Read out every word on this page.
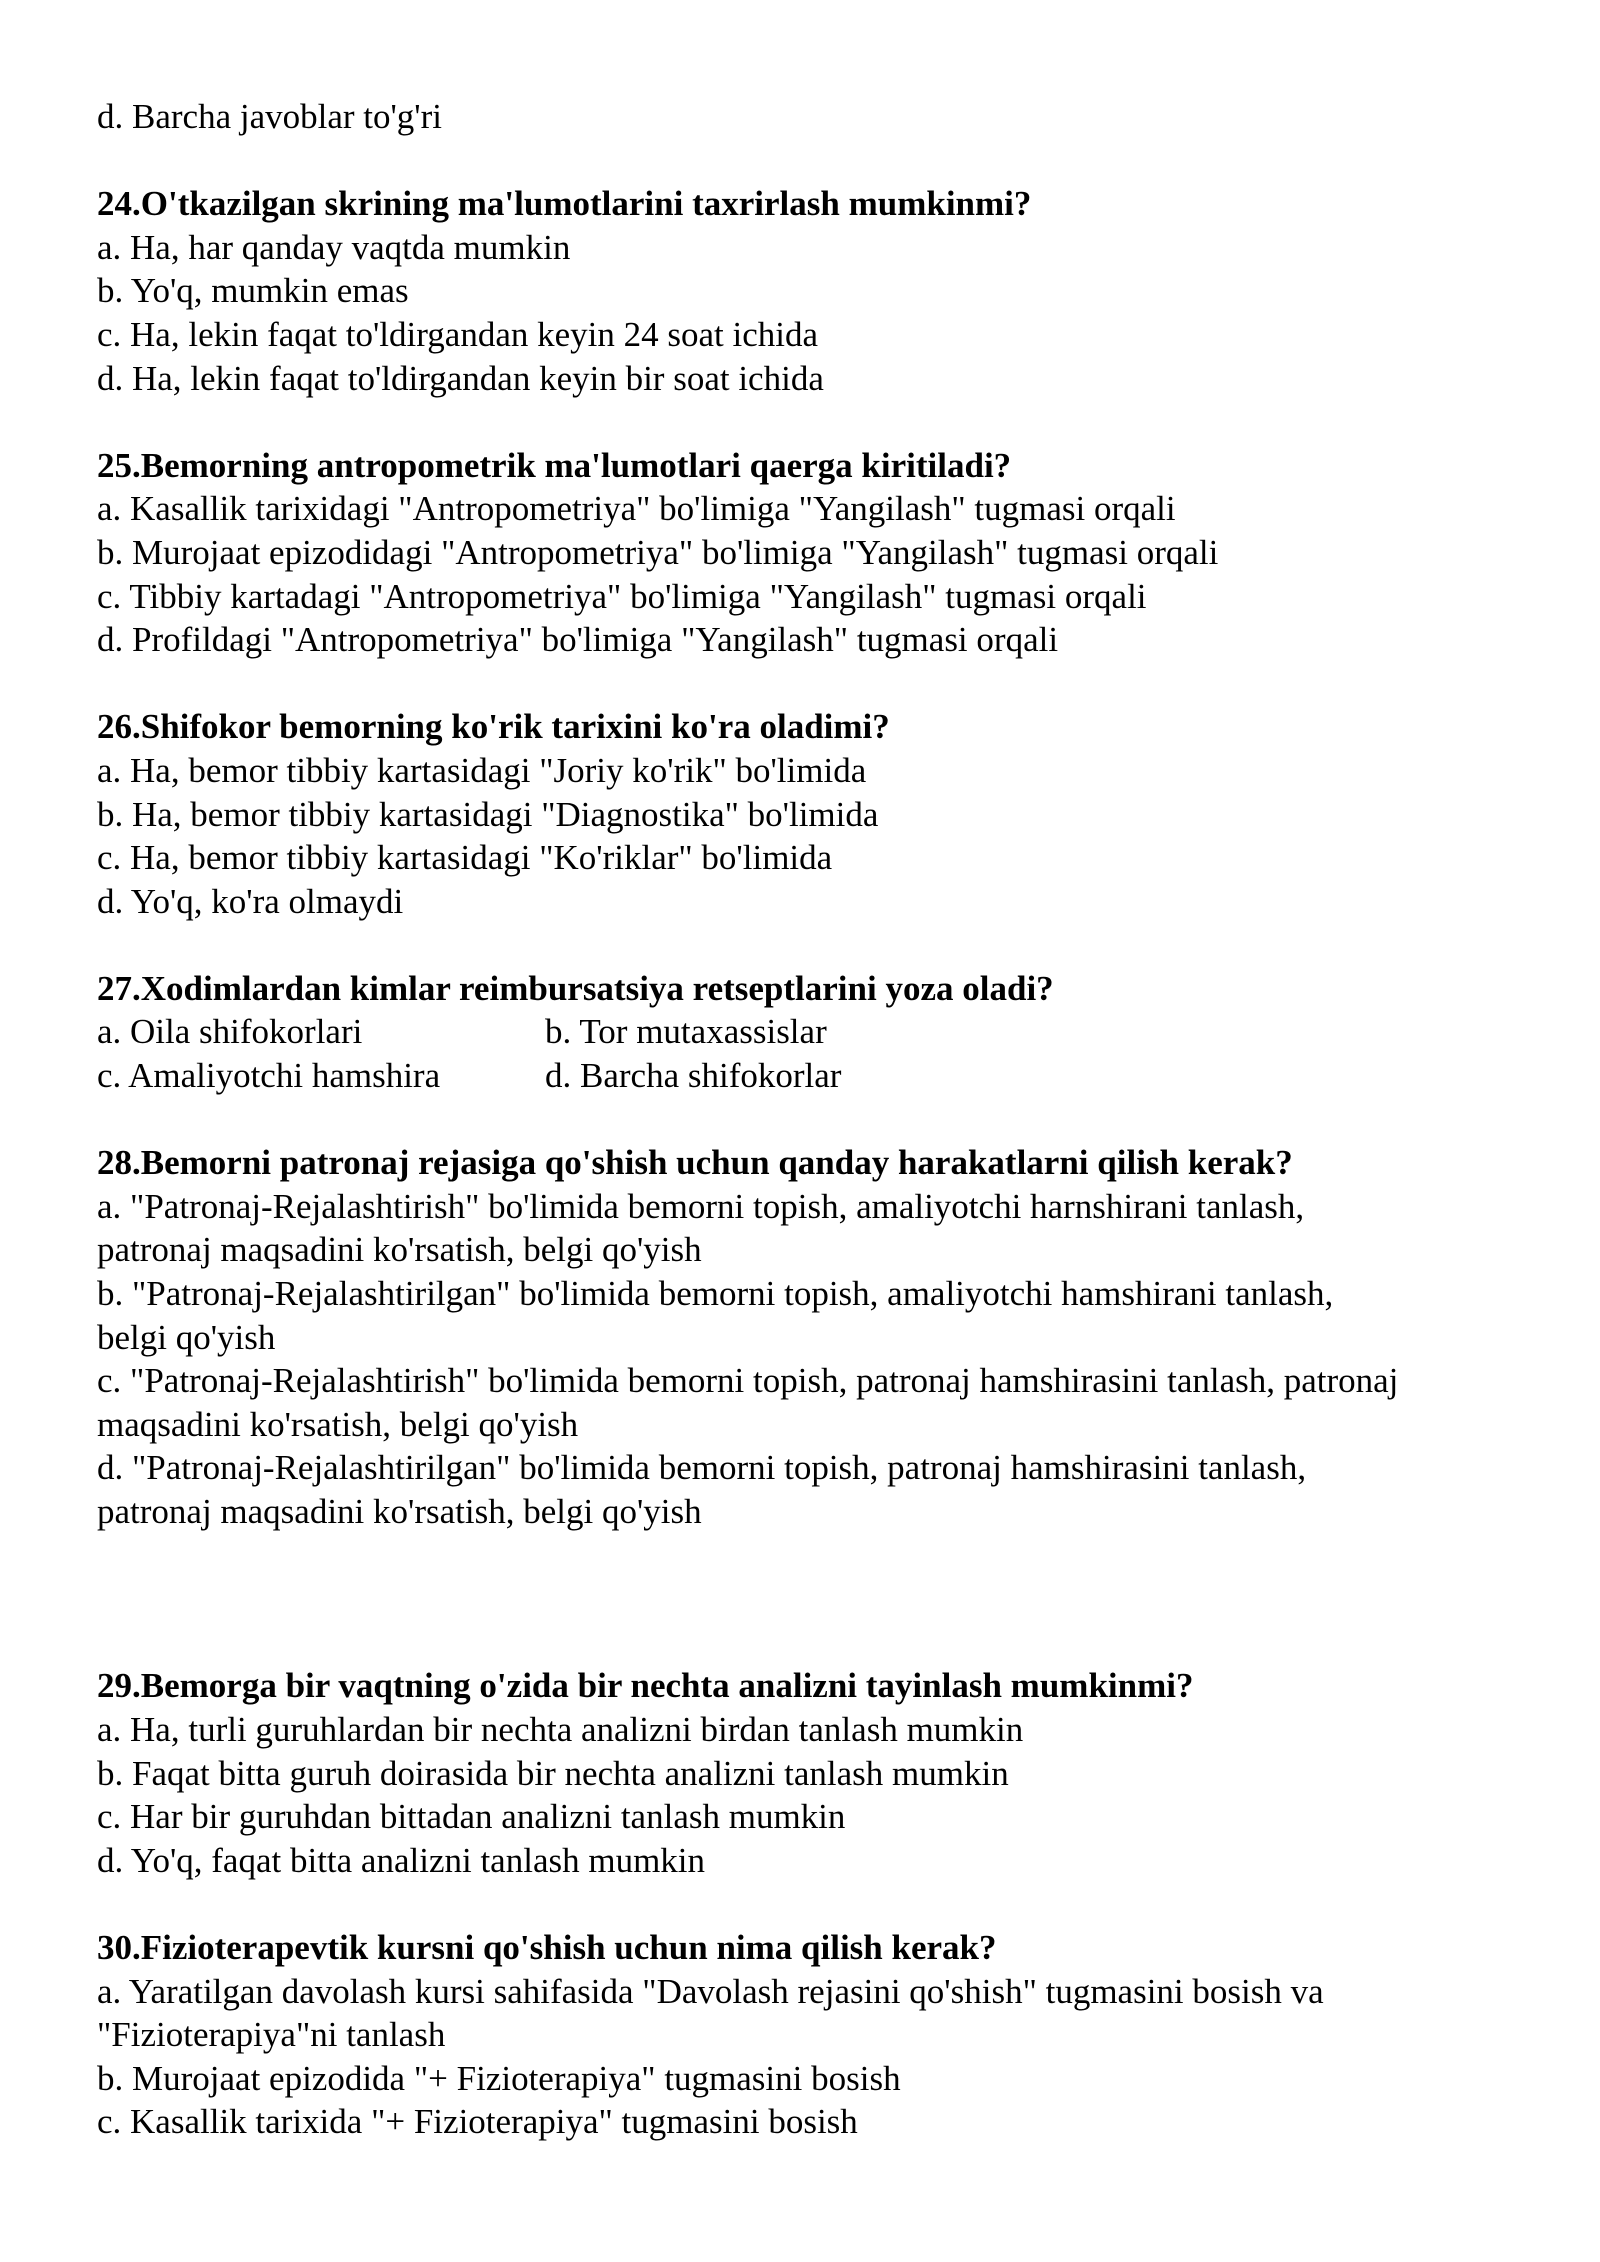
d. Barcha javoblar to'g'ri
24.O'tkazilgan skrining ma'lumotlarini taxrirlash mumkinmi?
a. Ha, har qanday vaqtda mumkin
b. Yo'q, mumkin emas
c. Ha, lekin faqat to'ldirgandan keyin 24 soat ichida
d. Ha, lekin faqat to'ldirgandan keyin bir soat ichida
25.Bemorning antropometrik ma'lumotlari qaerga kiritiladi?
a. Kasallik tarixidagi "Antropometriya" bo'limiga "Yangilash" tugmasi orqali
b. Murojaat epizodidagi "Antropometriya" bo'limiga "Yangilash" tugmasi orqali
c. Tibbiy kartadagi "Antropometriya" bo'limiga "Yangilash" tugmasi orqali
d. Profildagi "Antropometriya" bo'limiga "Yangilash" tugmasi orqali
26.Shifokor bemorning ko'rik tarixini ko'ra oladimi?
a. Ha, bemor tibbiy kartasidagi "Joriy ko'rik" bo'limida
b. Ha, bemor tibbiy kartasidagi "Diagnostika" bo'limida
c. Ha, bemor tibbiy kartasidagi "Ko'riklar" bo'limida
d. Yo'q, ko'ra olmaydi
27.Xodimlardan kimlar reimbursatsiya retseptlarini yoza oladi?
a. Oila shifokorlari	b. Tor mutaxassislar
c. Amaliyotchi hamshira	d. Barcha shifokorlar
28.Bemorni patronaj rejasiga qo'shish uchun qanday harakatlarni qilish kerak?
a. "Patronaj-Rejalashtirish" bo'limida bemorni topish, amaliyotchi harnshirani tanlash,
patronaj maqsadini ko'rsatish, belgi qo'yish
b. "Patronaj-Rejalashtirilgan" bo'limida bemorni topish, amaliyotchi hamshirani tanlash,
belgi qo'yish
c. "Patronaj-Rejalashtirish" bo'limida bemorni topish, patronaj hamshirasini tanlash, patronaj
maqsadini ko'rsatish, belgi qo'yish
d. "Patronaj-Rejalashtirilgan" bo'limida bemorni topish, patronaj hamshirasini tanlash,
patronaj maqsadini ko'rsatish, belgi qo'yish
29.Bemorga bir vaqtning o'zida bir nechta analizni tayinlash mumkinmi?
a. Ha, turli guruhlardan bir nechta analizni birdan tanlash mumkin
b. Faqat bitta guruh doirasida bir nechta analizni tanlash mumkin
c. Har bir guruhdan bittadan analizni tanlash mumkin
d. Yo'q, faqat bitta analizni tanlash mumkin
30.Fizioterapevtik kursni qo'shish uchun nima qilish kerak?
a. Yaratilgan davolash kursi sahifasida "Davolash rejasini qo'shish" tugmasini bosish va
"Fizioterapiya"ni tanlash
b. Murojaat epizodida "+ Fizioterapiya" tugmasini bosish
c. Kasallik tarixida "+ Fizioterapiya" tugmasini bosish
